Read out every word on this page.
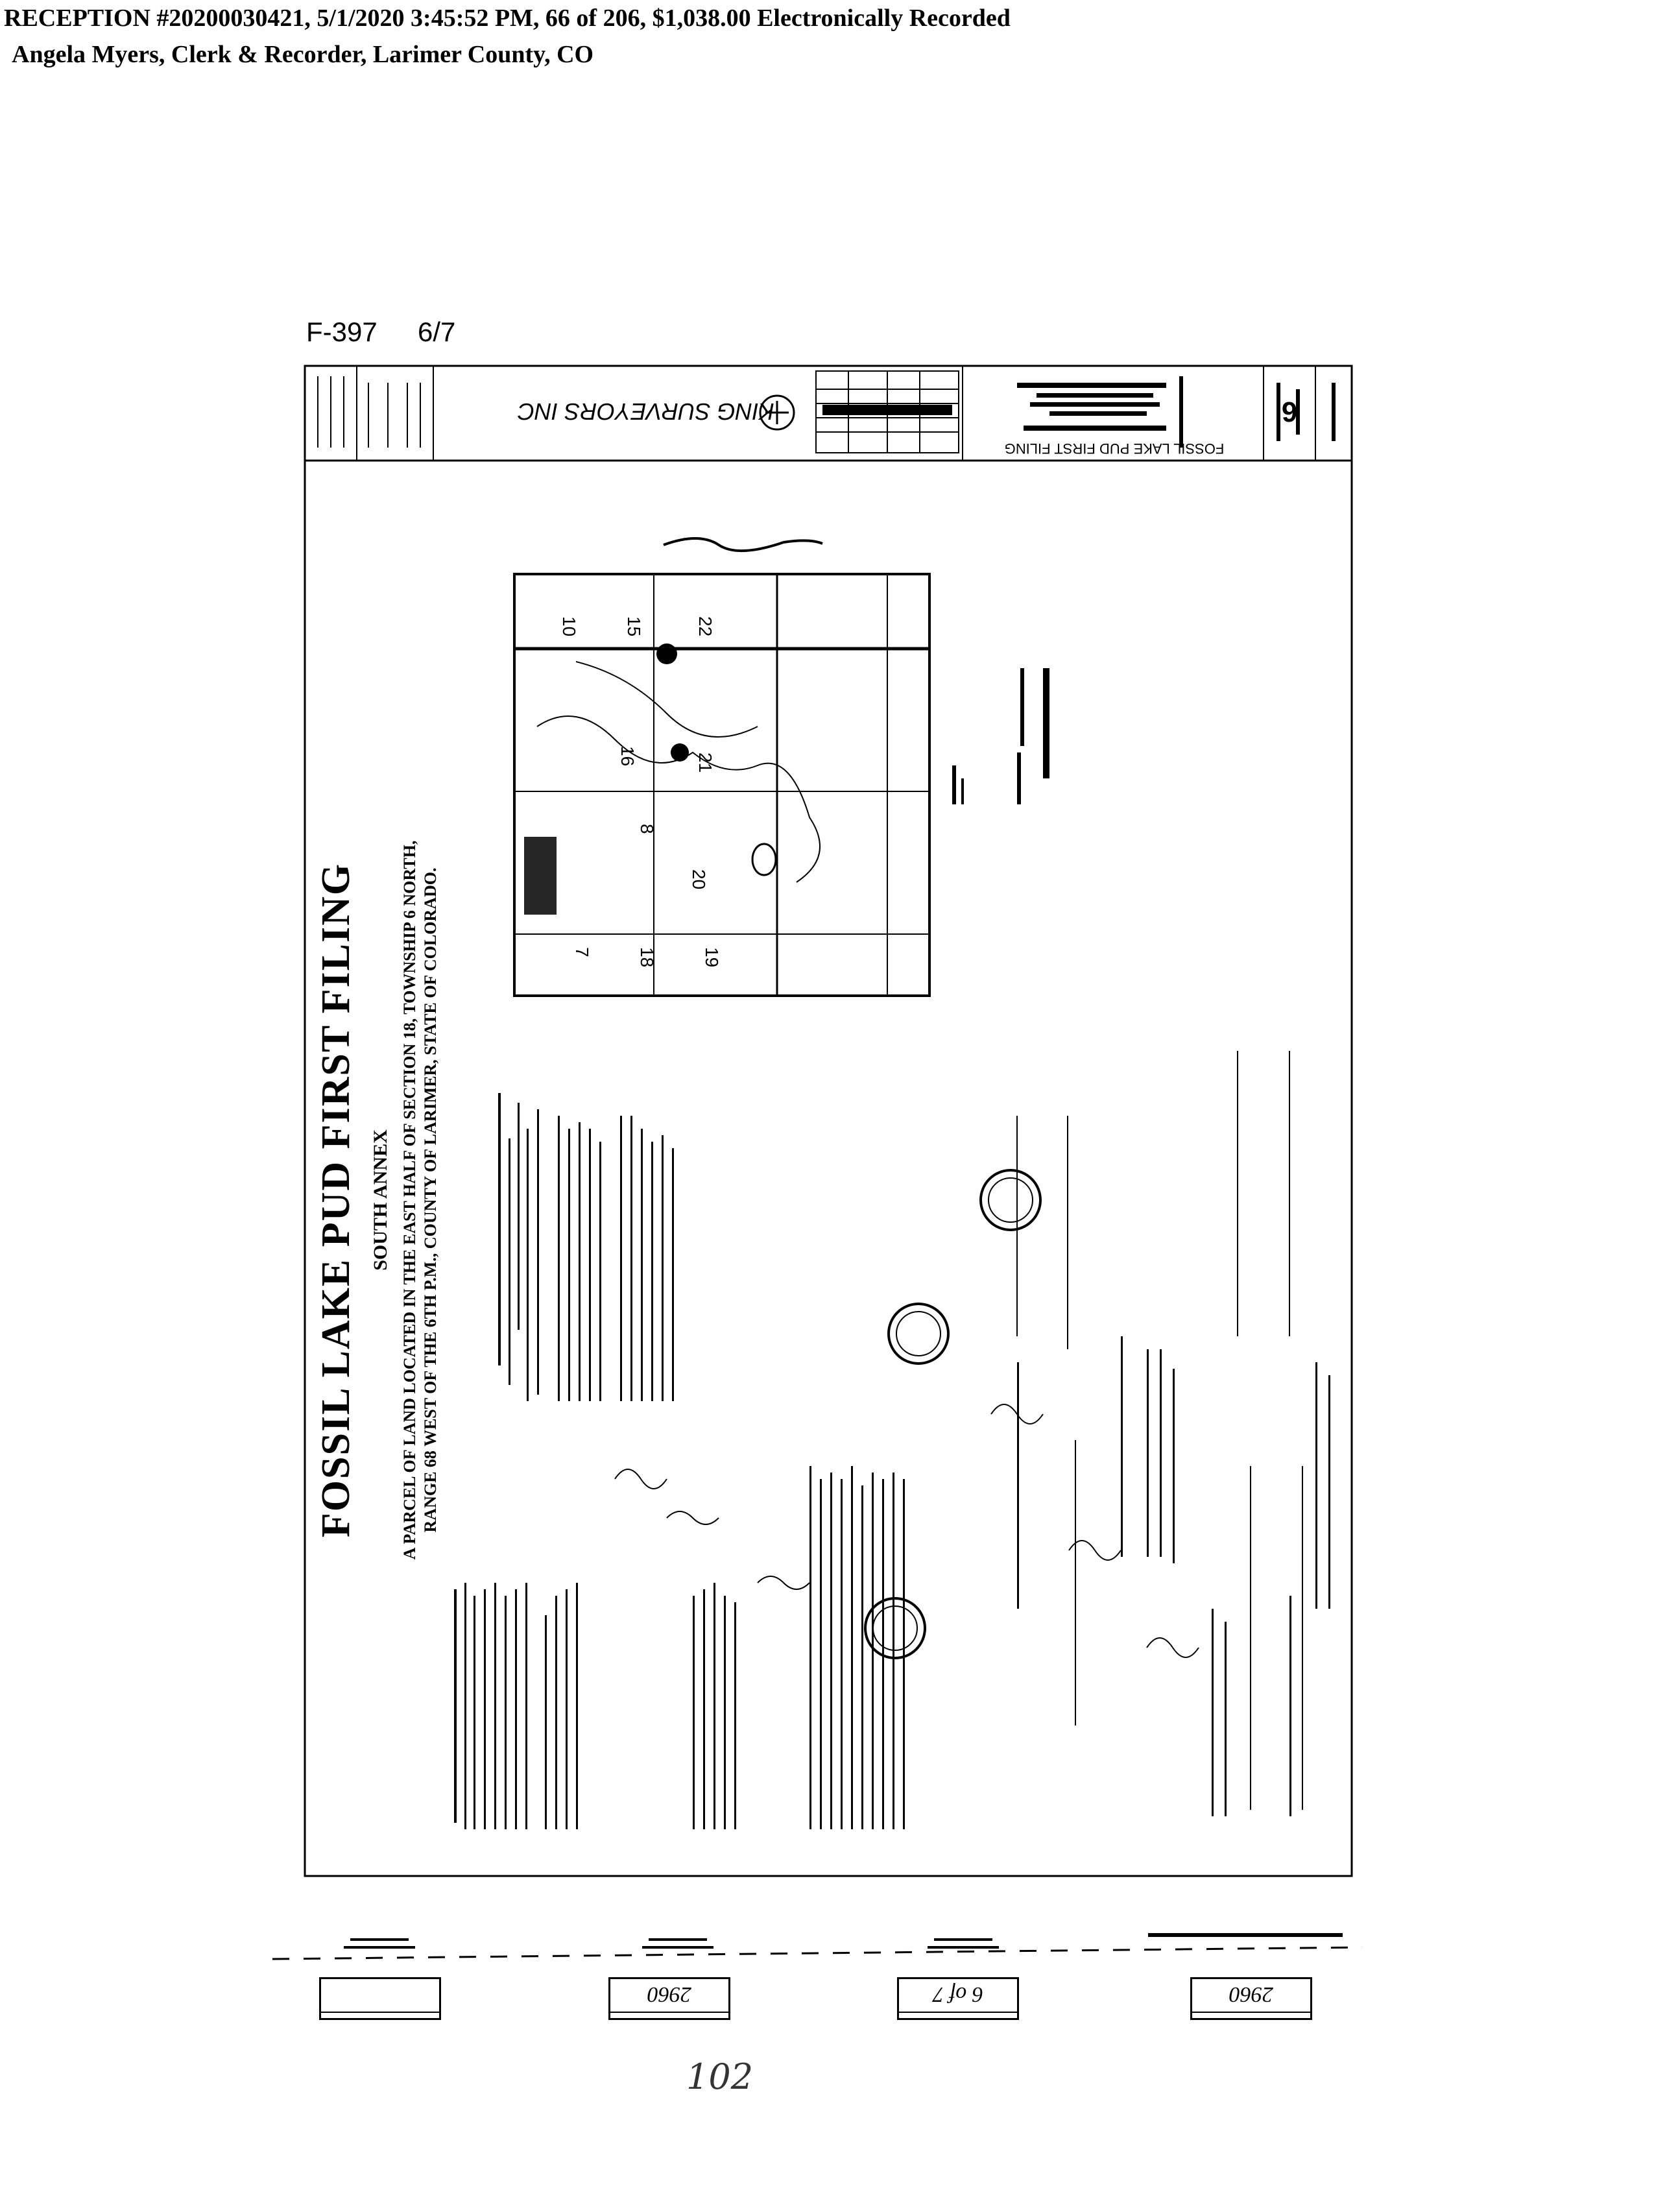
RECEPTION #20200030421, 5/1/2020 3:45:52 PM, 66 of 206, $1,038.00 Electronically Recorded
Angela Myers, Clerk & Recorder, Larimer County, CO
F-397 6/7
KING SURVEYORS INC	6
FOSSIL LAKE PUD FIRST FILING
FOSSIL LAKE PUD FIRST FILING SOUTH ANNEX A PARCEL OF LAND LOCATED IN THE EAST HALF OF SECTION 18, TOWNSHIP 6 NORTH, RANGE 68 WEST OF THE 6TH P.M., COUNTY OF LARIMER, STATE OF COLORADO.
10 15	22
16	21
8
20
7 18 19
2960	6 of 7	2960
102
